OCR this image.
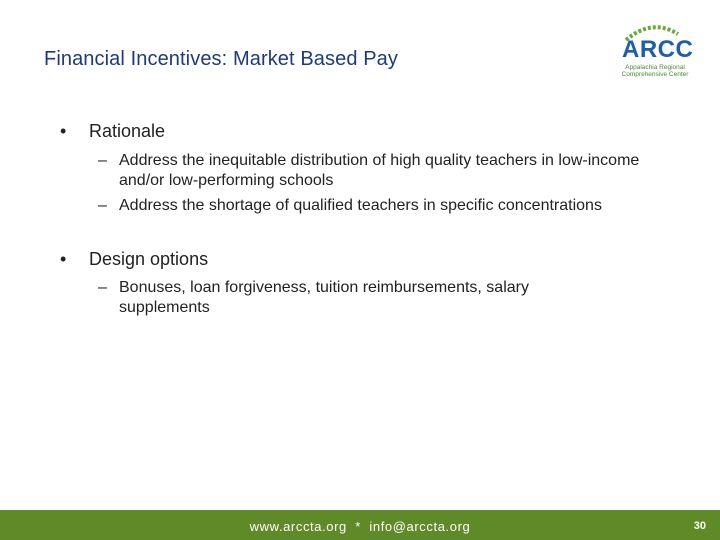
Financial Incentives: Market Based Pay	ARCC
Appalachia Regional Comprehensive Center
• Rationale
– Address the inequitable distribution of high quality teachers in low-income and/or low-performing schools
– Address the shortage of qualified teachers in specific concentrations
• Design options
– Bonuses, loan forgiveness, tuition reimbursements, salary supplements
www.arccta.org  *  info@arccta.org	30
